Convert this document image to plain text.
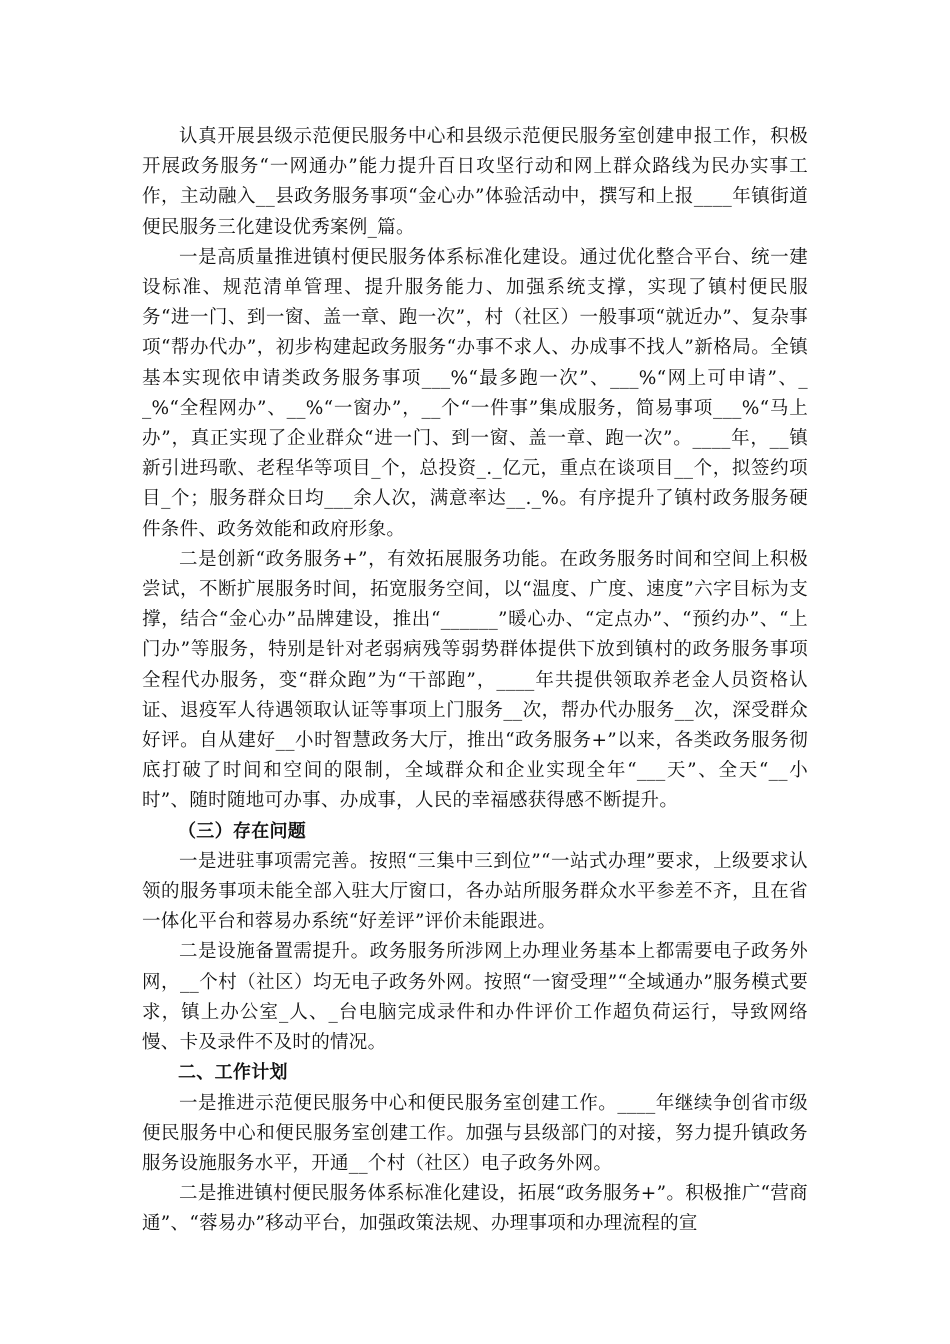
认真开展县级示范便民服务中心和县级示范便民服务室创建申报工作，积极开展政务服务“一网通办”能力提升百日攻坚行动和网上群众路线为民办实事工作，主动融入__县政务服务事项“金心办”体验活动中，撰写和上报____年镇街道便民服务三化建设优秀案例_篇。

一是高质量推进镇村便民服务体系标准化建设。通过优化整合平台、统一建设标准、规范清单管理、提升服务能力、加强系统支撑，实现了镇村便民服务“进一门、到一窗、盖一章、跑一次”，村（社区）一般事项“就近办”、复杂事项“帮办代办”，初步构建起政务服务“办事不求人、办成事不找人”新格局。全镇基本实现依申请类政务服务事项___%“最多跑一次”、___%“网上可申请”、__%“全程网办”、__%“一窗办”，__个“一件事”集成服务，简易事项___%“马上办”，真正实现了企业群众“进一门、到一窗、盖一章、跑一次”。____年，__镇新引进玛歌、老程华等项目_个，总投资_._亿元，重点在谈项目__个，拟签约项目_个；服务群众日均___余人次，满意率达__._%。有序提升了镇村政务服务硬件条件、政务效能和政府形象。

二是创新“政务服务+”，有效拓展服务功能。在政务服务时间和空间上积极尝试，不断扩展服务时间，拓宽服务空间，以“温度、广度、速度”六字目标为支撑，结合“金心办”品牌建设，推出“______”暖心办、“定点办”、“预约办”、“上门办”等服务，特别是针对老弱病残等弱势群体提供下放到镇村的政务服务事项全程代办服务，变“群众跑”为“干部跑”，____年共提供领取养老金人员资格认证、退疫军人待遇领取认证等事项上门服务__次，帮办代办服务__次，深受群众好评。自从建好__小时智慧政务大厅，推出“政务服务+”以来，各类政务服务彻底打破了时间和空间的限制，全域群众和企业实现全年“___天”、全天“__小时”、随时随地可办事、办成事，人民的幸福感获得感不断提升。

（三）存在问题

一是进驻事项需完善。按照“三集中三到位”“一站式办理”要求，上级要求认领的服务事项未能全部入驻大厅窗口，各办站所服务群众水平参差不齐，且在省一体化平台和蓉易办系统“好差评”评价未能跟进。

二是设施备置需提升。政务服务所涉网上办理业务基本上都需要电子政务外网，__个村（社区）均无电子政务外网。按照“一窗受理”“全域通办”服务模式要求，镇上办公室_人、_台电脑完成录件和办件评价工作超负荷运行，导致网络慢、卡及录件不及时的情况。

二、工作计划

一是推进示范便民服务中心和便民服务室创建工作。____年继续争创省市级便民服务中心和便民服务室创建工作。加强与县级部门的对接，努力提升镇政务服务设施服务水平，开通__个村（社区）电子政务外网。

二是推进镇村便民服务体系标准化建设，拓展“政务服务+”。积极推广“营商通”、“蓉易办”移动平台，加强政策法规、办理事项和办理流程的宣
